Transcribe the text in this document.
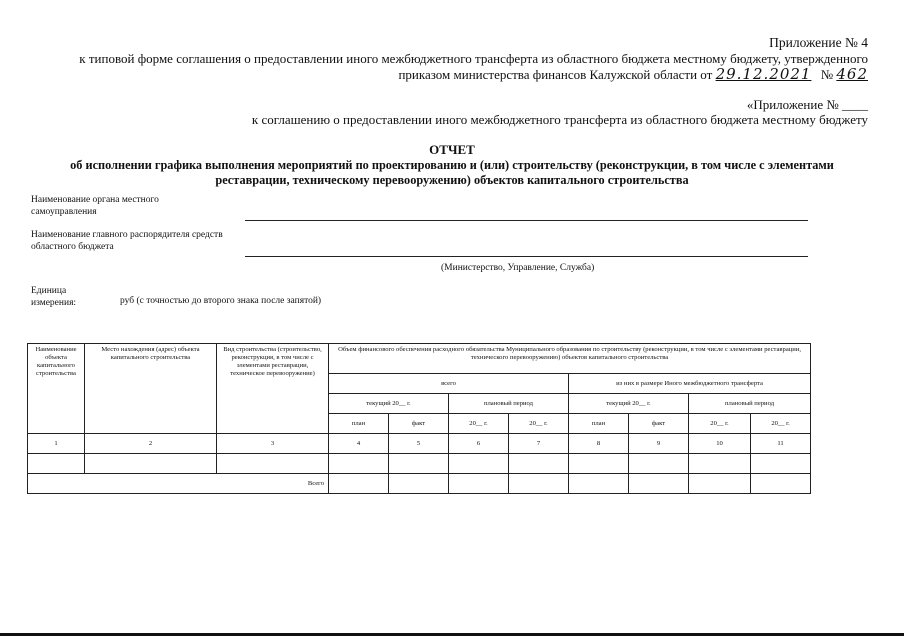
Приложение № 4
к типовой форме соглашения о предоставлении иного межбюджетного трансферта из областного бюджета местному бюджету, утвержденного
приказом министерства финансов Калужской области от 29.12.2021 № 462
«Приложение № ____
к соглашению о предоставлении иного межбюджетного трансферта из областного бюджета местному бюджету
ОТЧЕТ
об исполнении графика выполнения мероприятий по проектированию и (или) строительству (реконструкции, в том числе с элементами
реставрации, техническому перевооружению) объектов капитального строительства
Наименование органа местного
самоуправления
Наименование главного распорядителя средств
областного бюджета
(Министерство, Управление, Служба)
Единица
измерения:	руб (с точностью до второго знака после запятой)
Наименование объекта капитального строительства	Место нахождения (адрес) объекта капитального строительства	Вид строительства (строительство, реконструкция, в том числе с элементами реставрации, техническое перевооружение)	Объем финансового обеспечения расходного обязательства Муниципального образования по строительству (реконструкции, в том числе с элементами реставрации, технического перевооружению) объектов капитального строительства							
			всего				из них в размере Иного межбюджетного трансферта			
			текущий 20__ г.		плановый период		текущий 20__ г.		плановый период	
			план	факт	20__ г.	20__ г.	план	факт	20__ г.	20__ г.
1	2	3	4	5	6	7	8	9	10	11

Всего										
